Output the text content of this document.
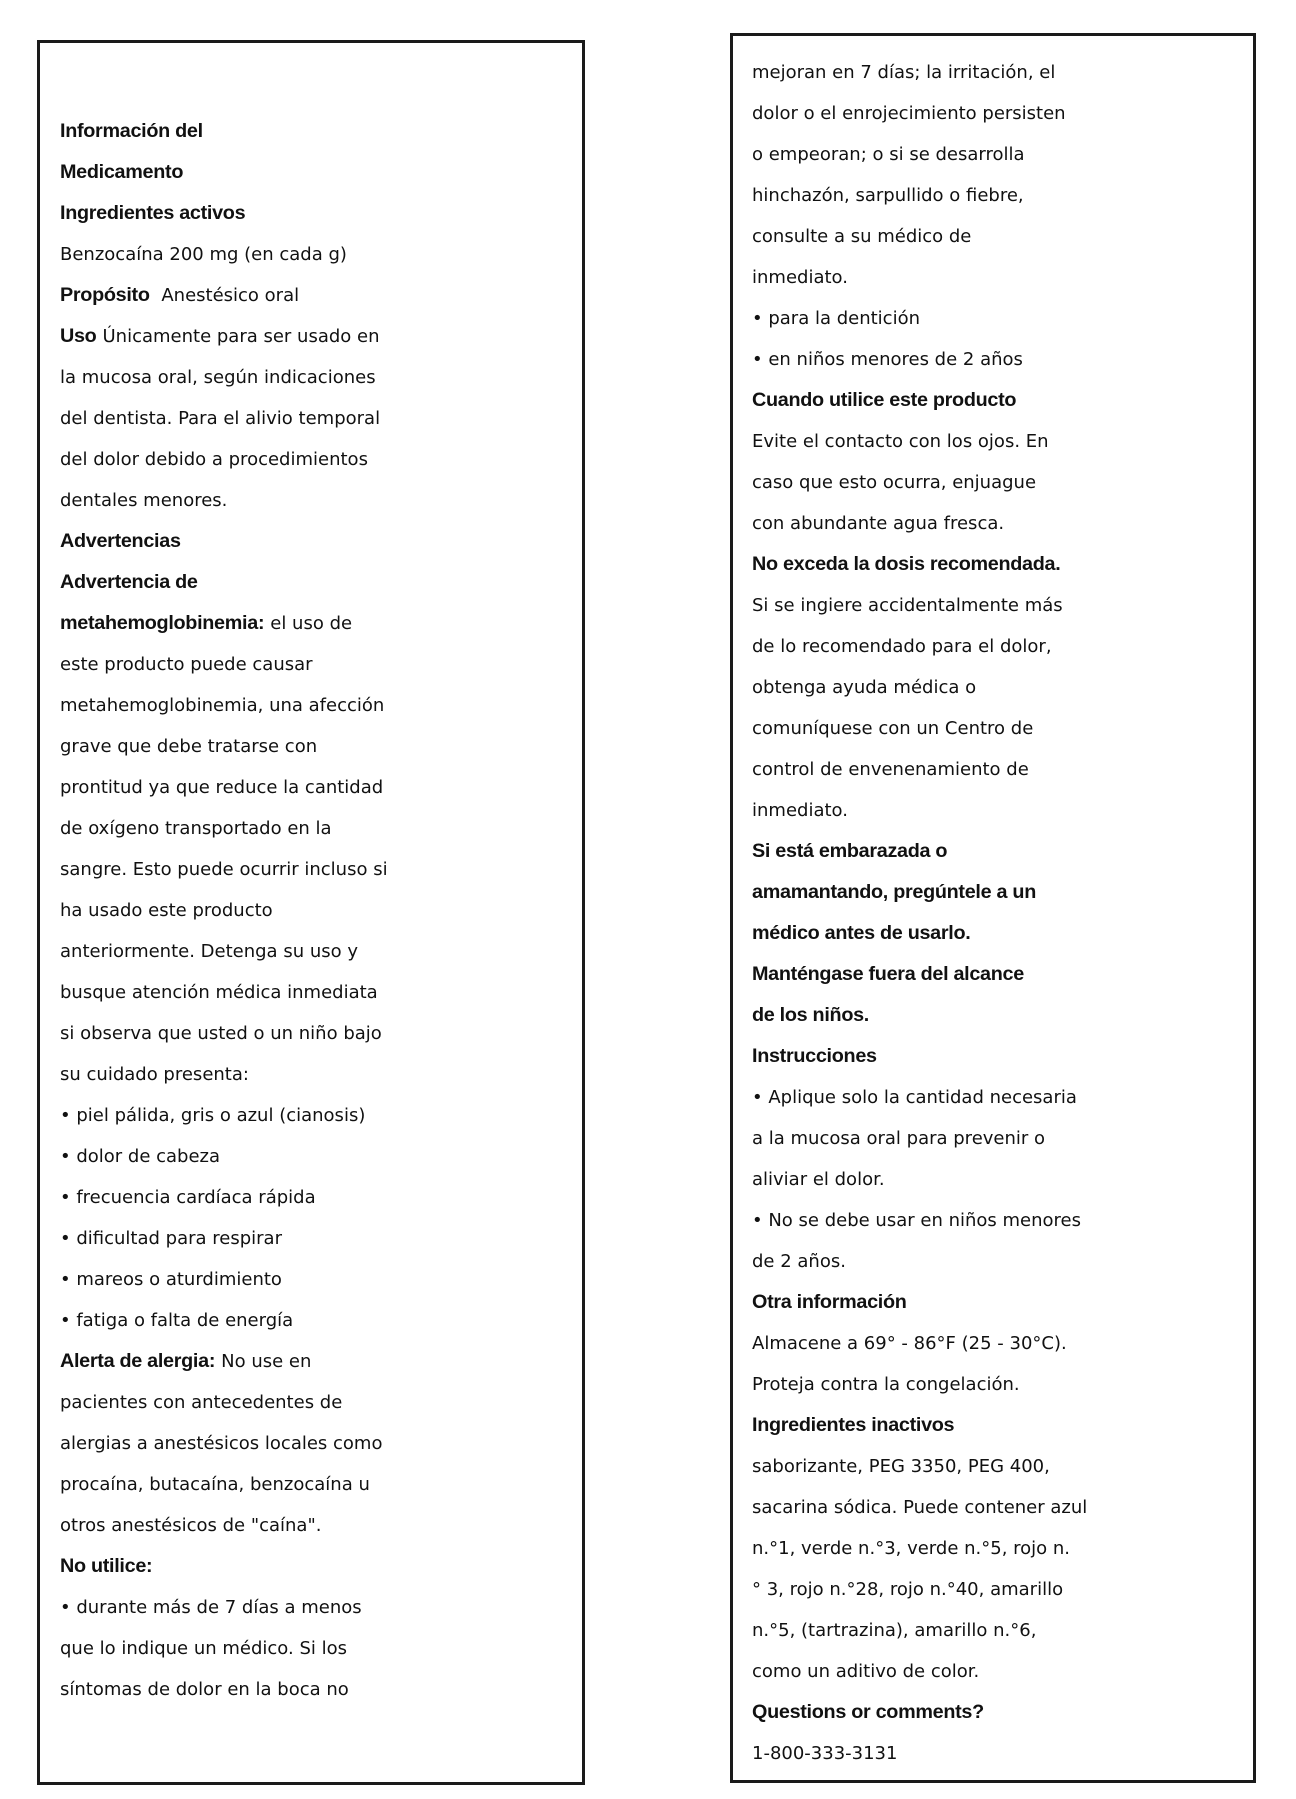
Información del
Medicamento
Ingredientes activos
Benzocaína 200 mg (en cada g)
Propósito Anestésico oral
Uso Únicamente para ser usado en
la mucosa oral, según indicaciones
del dentista. Para el alivio temporal
del dolor debido a procedimientos
dentales menores.
Advertencias
Advertencia de
metahemoglobinemia: el uso de
este producto puede causar
metahemoglobinemia, una afección
grave que debe tratarse con
prontitud ya que reduce la cantidad
de oxígeno transportado en la
sangre. Esto puede ocurrir incluso si
ha usado este producto
anteriormente. Detenga su uso y
busque atención médica inmediata
si observa que usted o un niño bajo
su cuidado presenta:
• piel pálida, gris o azul (cianosis)
• dolor de cabeza
• frecuencia cardíaca rápida
• dificultad para respirar
• mareos o aturdimiento
• fatiga o falta de energía
Alerta de alergia: No use en
pacientes con antecedentes de
alergias a anestésicos locales como
procaína, butacaína, benzocaína u
otros anestésicos de "caína".
No utilice:
• durante más de 7 días a menos
que lo indique un médico. Si los
síntomas de dolor en la boca no
mejoran en 7 días; la irritación, el
dolor o el enrojecimiento persisten
o empeoran; o si se desarrolla
hinchazón, sarpullido o fiebre,
consulte a su médico de
inmediato.
• para la dentición
• en niños menores de 2 años
Cuando utilice este producto
Evite el contacto con los ojos. En
caso que esto ocurra, enjuague
con abundante agua fresca.
No exceda la dosis recomendada.
Si se ingiere accidentalmente más
de lo recomendado para el dolor,
obtenga ayuda médica o
comuníquese con un Centro de
control de envenenamiento de
inmediato.
Si está embarazada o
amamantando, pregúntele a un
médico antes de usarlo.
Manténgase fuera del alcance
de los niños.
Instrucciones
• Aplique solo la cantidad necesaria
a la mucosa oral para prevenir o
aliviar el dolor.
• No se debe usar en niños menores
de 2 años.
Otra información
Almacene a 69° - 86°F (25 - 30°C).
Proteja contra la congelación.
Ingredientes inactivos
saborizante, PEG 3350, PEG 400,
sacarina sódica. Puede contener azul
n.°1, verde n.°3, verde n.°5, rojo n.
° 3, rojo n.°28, rojo n.°40, amarillo
n.°5, (tartrazina), amarillo n.°6,
como un aditivo de color.
Questions or comments?
1-800-333-3131
